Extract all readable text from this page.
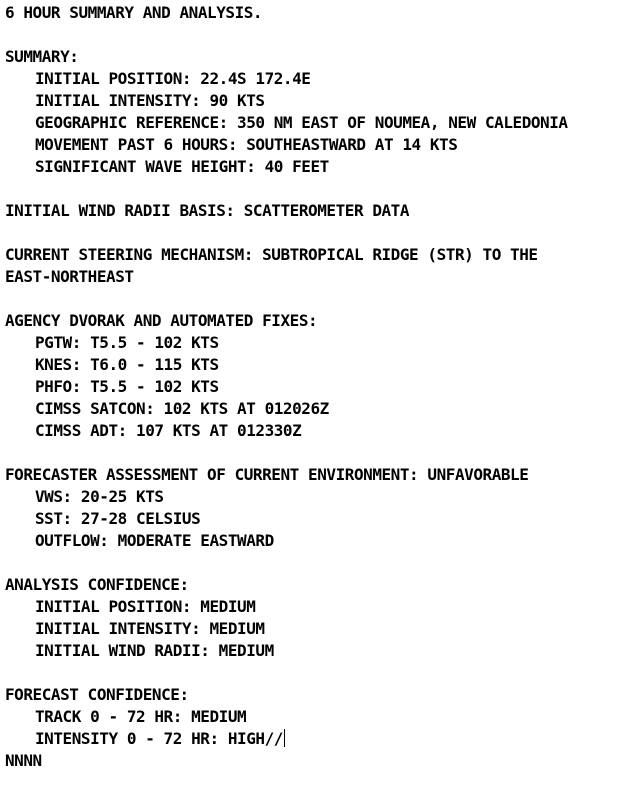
6 HOUR SUMMARY AND ANALYSIS.
SUMMARY:
INITIAL POSITION: 22.4S 172.4E
INITIAL INTENSITY: 90 KTS
GEOGRAPHIC REFERENCE: 350 NM EAST OF NOUMEA, NEW CALEDONIA
MOVEMENT PAST 6 HOURS: SOUTHEASTWARD AT 14 KTS
SIGNIFICANT WAVE HEIGHT: 40 FEET
INITIAL WIND RADII BASIS: SCATTEROMETER DATA
CURRENT STEERING MECHANISM: SUBTROPICAL RIDGE (STR) TO THE
EAST-NORTHEAST
AGENCY DVORAK AND AUTOMATED FIXES:
PGTW: T5.5 - 102 KTS
KNES: T6.0 - 115 KTS
PHFO: T5.5 - 102 KTS
CIMSS SATCON: 102 KTS AT 012026Z
CIMSS ADT: 107 KTS AT 012330Z
FORECASTER ASSESSMENT OF CURRENT ENVIRONMENT: UNFAVORABLE
VWS: 20-25 KTS
SST: 27-28 CELSIUS
OUTFLOW: MODERATE EASTWARD
ANALYSIS CONFIDENCE:
INITIAL POSITION: MEDIUM
INITIAL INTENSITY: MEDIUM
INITIAL WIND RADII: MEDIUM
FORECAST CONFIDENCE:
TRACK 0 - 72 HR: MEDIUM
INTENSITY 0 - 72 HR: HIGH//
NNNN
